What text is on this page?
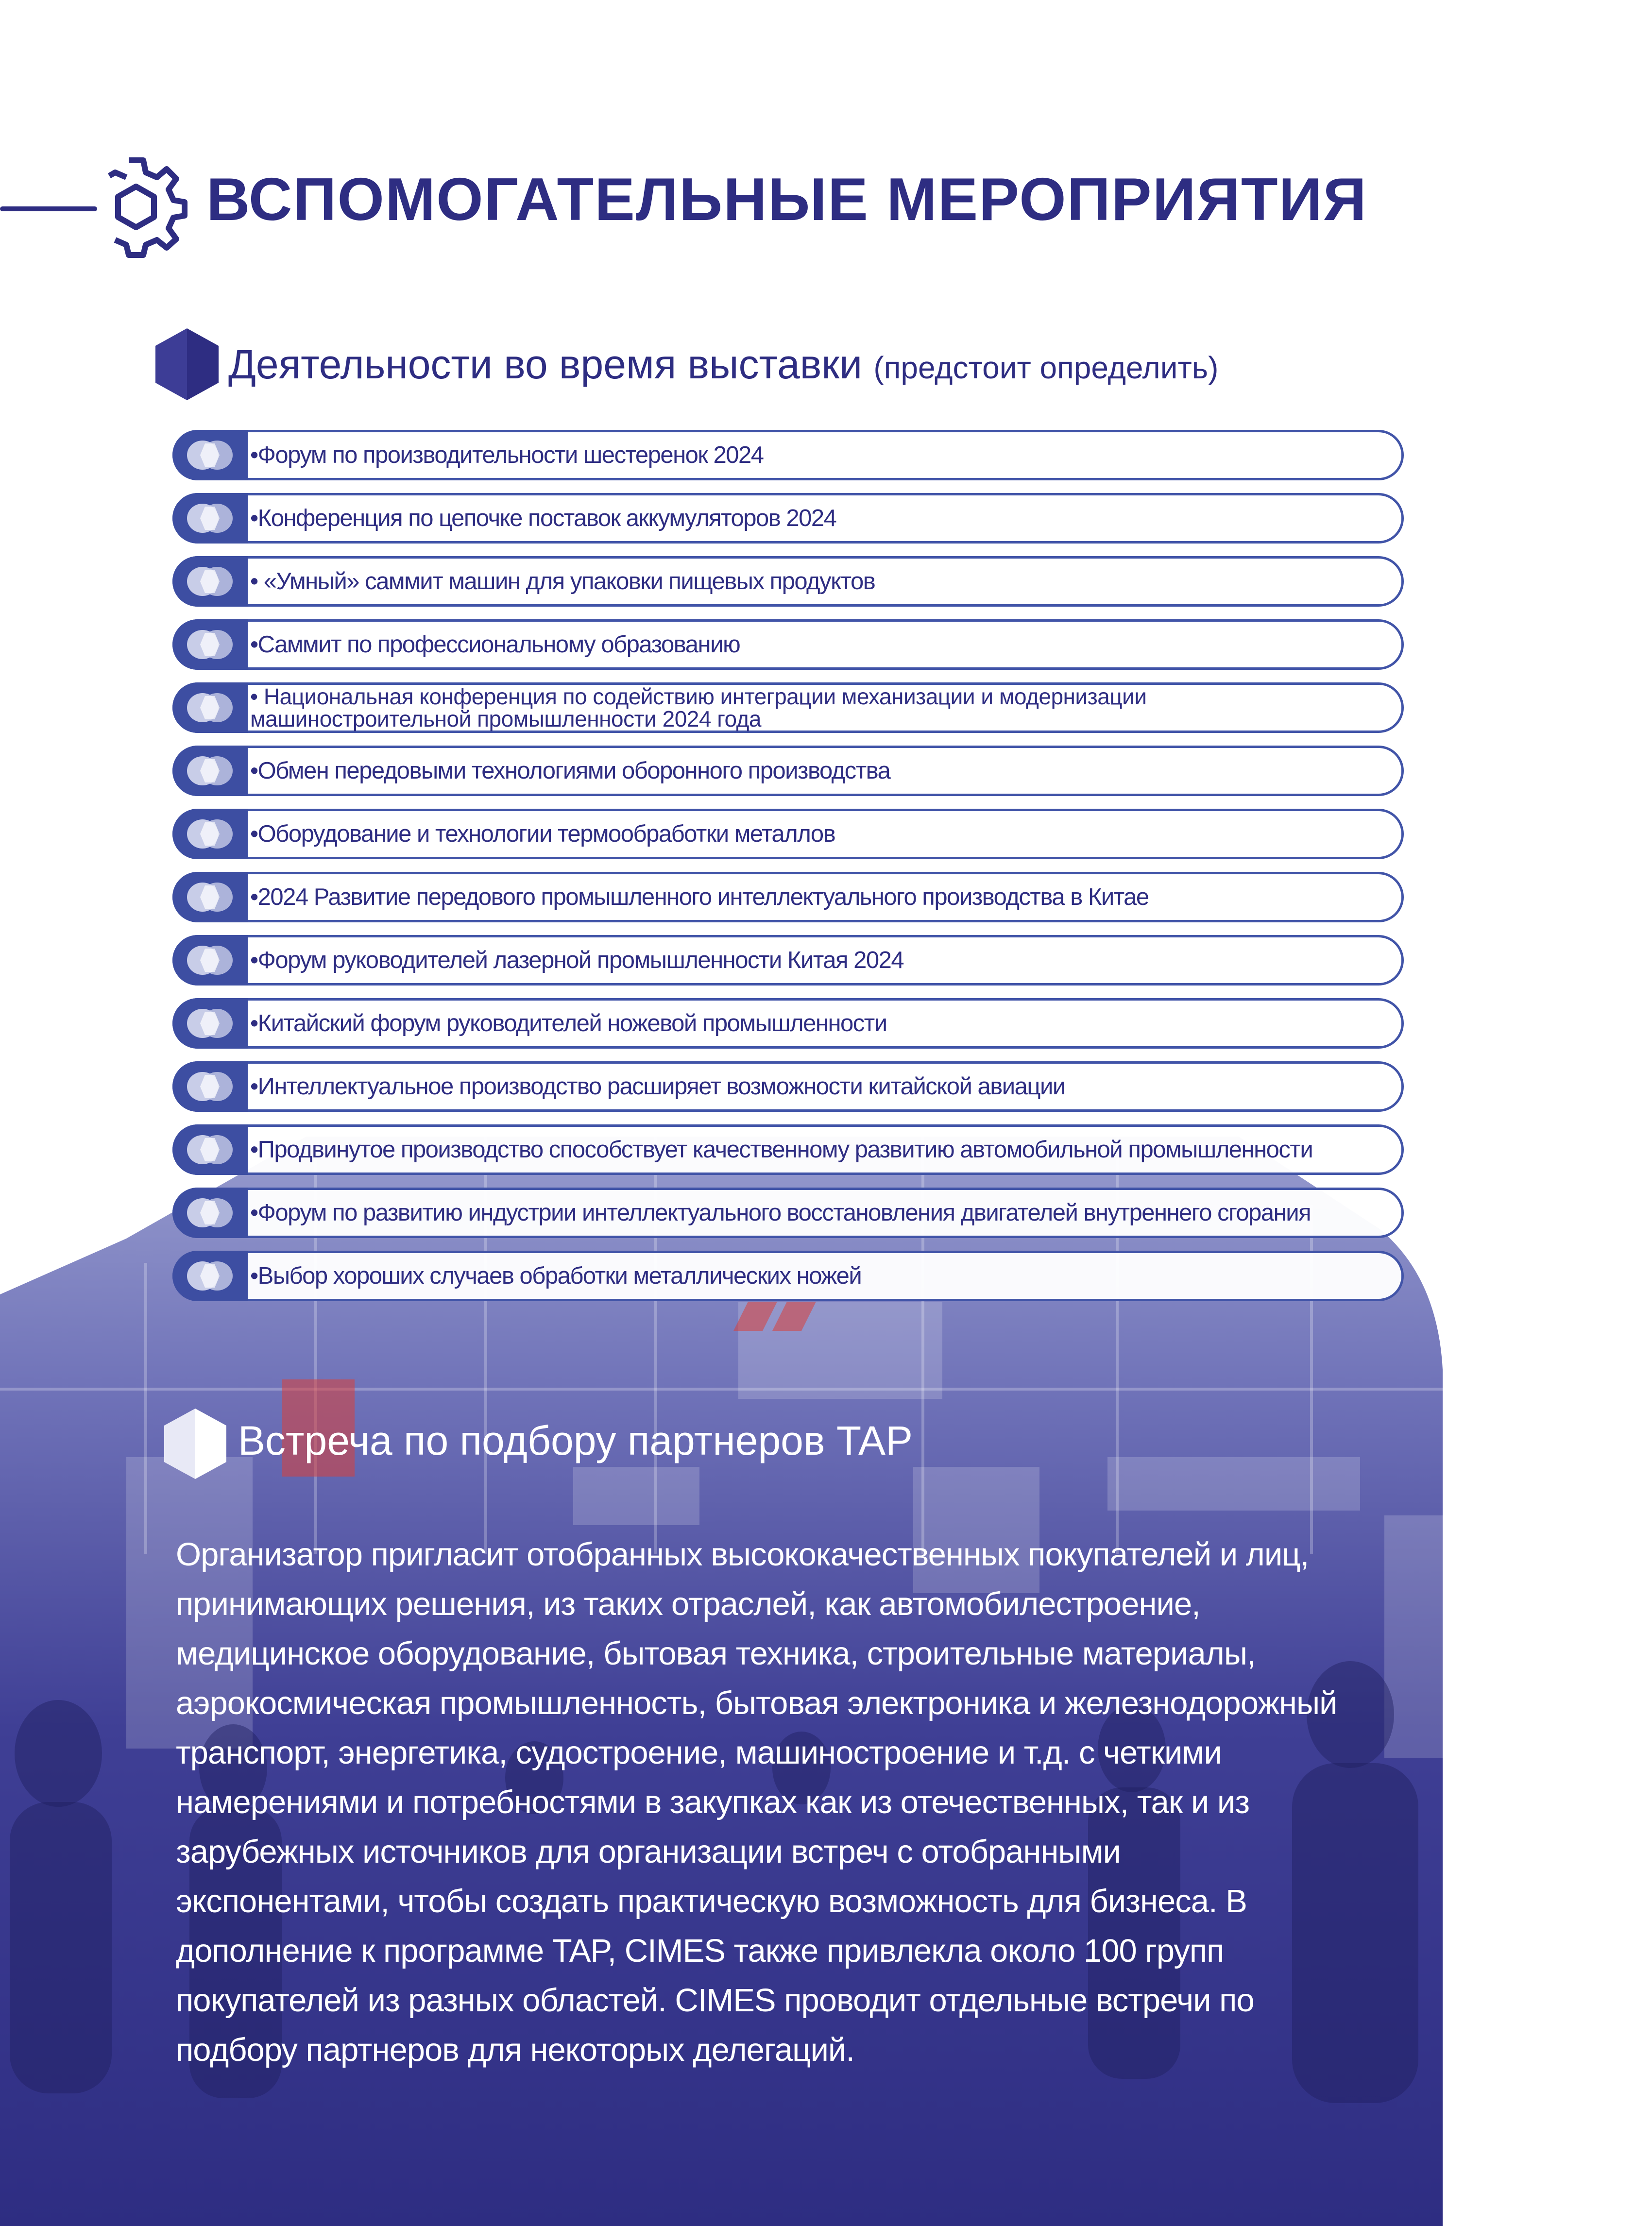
ВСПОМОГАТЕЛЬНЫЕ МЕРОПРИЯТИЯ
Деятельности во время выставки (предстоит определить)
•Форум по производительности шестеренок 2024
•Конференция по цепочке поставок аккумуляторов 2024
• «Умный» саммит машин для упаковки пищевых продуктов
•Саммит по профессиональному образованию
• Национальная конференция по содействию интеграции механизации и модернизации машиностроительной промышленности 2024 года
•Обмен передовыми технологиями оборонного производства
•Оборудование и технологии термообработки металлов
•2024 Развитие передового промышленного интеллектуального производства в Китае
•Форум руководителей лазерной промышленности Китая 2024
•Китайский форум руководителей ножевой промышленности
•Интеллектуальное производство расширяет возможности китайской авиации
•Продвинутое производство способствует качественному развитию автомобильной промышленности
•Форум по развитию индустрии интеллектуального восстановления двигателей внутреннего сгорания
•Выбор хороших случаев обработки металлических ножей
Встреча по подбору партнеров TAP
Организатор пригласит отобранных высококачественных покупателей и лиц, принимающих решения, из таких отраслей, как автомобилестроение, медицинское оборудование, бытовая техника, строительные материалы, аэрокосмическая промышленность, бытовая электроника и железнодорожный транспорт, энергетика, судостроение, машиностроение и т.д. с четкими намерениями и потребностями в закупках как из отечественных, так и из зарубежных источников для организации встреч с отобранными экспонентами, чтобы создать практическую возможность для бизнеса. В дополнение к программе TAP, CIMES также привлекла около 100 групп покупателей из разных областей. CIMES проводит отдельные встречи по подбору партнеров для некоторых делегаций.
